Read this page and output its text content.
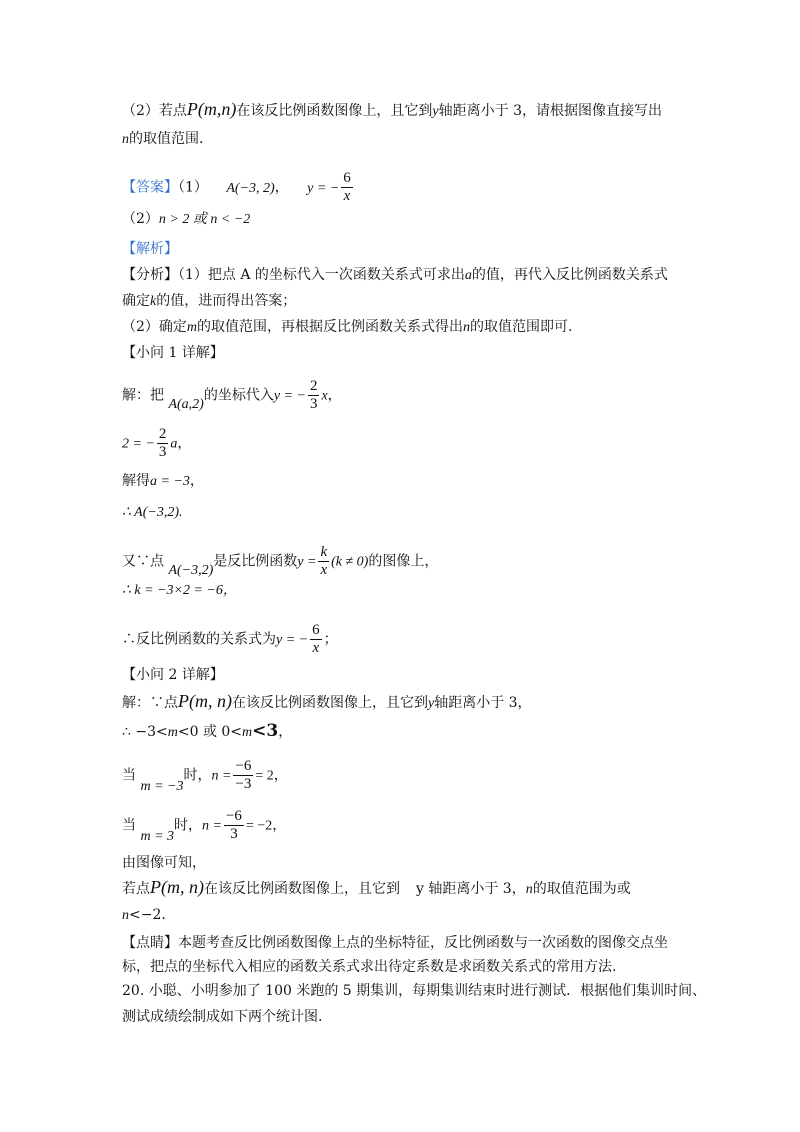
（2）若点P(m,n)在该反比例函数图像上，且它到y轴距离小于 3，请根据图像直接写出
n的取值范围.
【答案】（1） A(−3, 2)， y = − $\frac{6}{x}$
（2）n > 2 或 n < −2
【解析】
【分析】（1）把点 A 的坐标代入一次函数关系式可求出a的值，再代入反比例函数关系式
确定k的值，进而得出答案；
（2）确定m的取值范围，再根据反比例函数关系式得出n的取值范围即可.
【小问 1 详解】
解：把 A(a,2)的坐标代入y = − $\frac{2}{3}$ x，
2 = − $\frac{2}{3}$ a，
解得a = −3，
∴ A(−3,2).
又∵点 A(−3,2)是反比例函数$y = \frac{k}{x} (k \ne 0)$的图像上，
∴ k = −3×2 = −6，
∴反比例函数的关系式为y = − $\frac{6}{x}$ ；
【小问 2 详解】
解：∵点P(m, n)在该反比例函数图像上，且它到y轴距离小于 3，
∴ −3<m<0 或 0<m<3，
当 m = −3时，$n = \frac{-6}{-3} = 2$，
当 m = 3时，$n = \frac{-6}{3} = -2$，
由图像可知，
若点P(m, n)在该反比例函数图像上，且它到 y 轴距离小于 3，n的取值范围为或
n<−2.
【点睛】本题考查反比例函数图像上点的坐标特征，反比例函数与一次函数的图像交点坐
标，把点的坐标代入相应的函数关系式求出待定系数是求函数关系式的常用方法.
20. 小聪、小明参加了 100 米跑的 5 期集训，每期集训结束时进行测试．根据他们集训时间、
测试成绩绘制成如下两个统计图.
